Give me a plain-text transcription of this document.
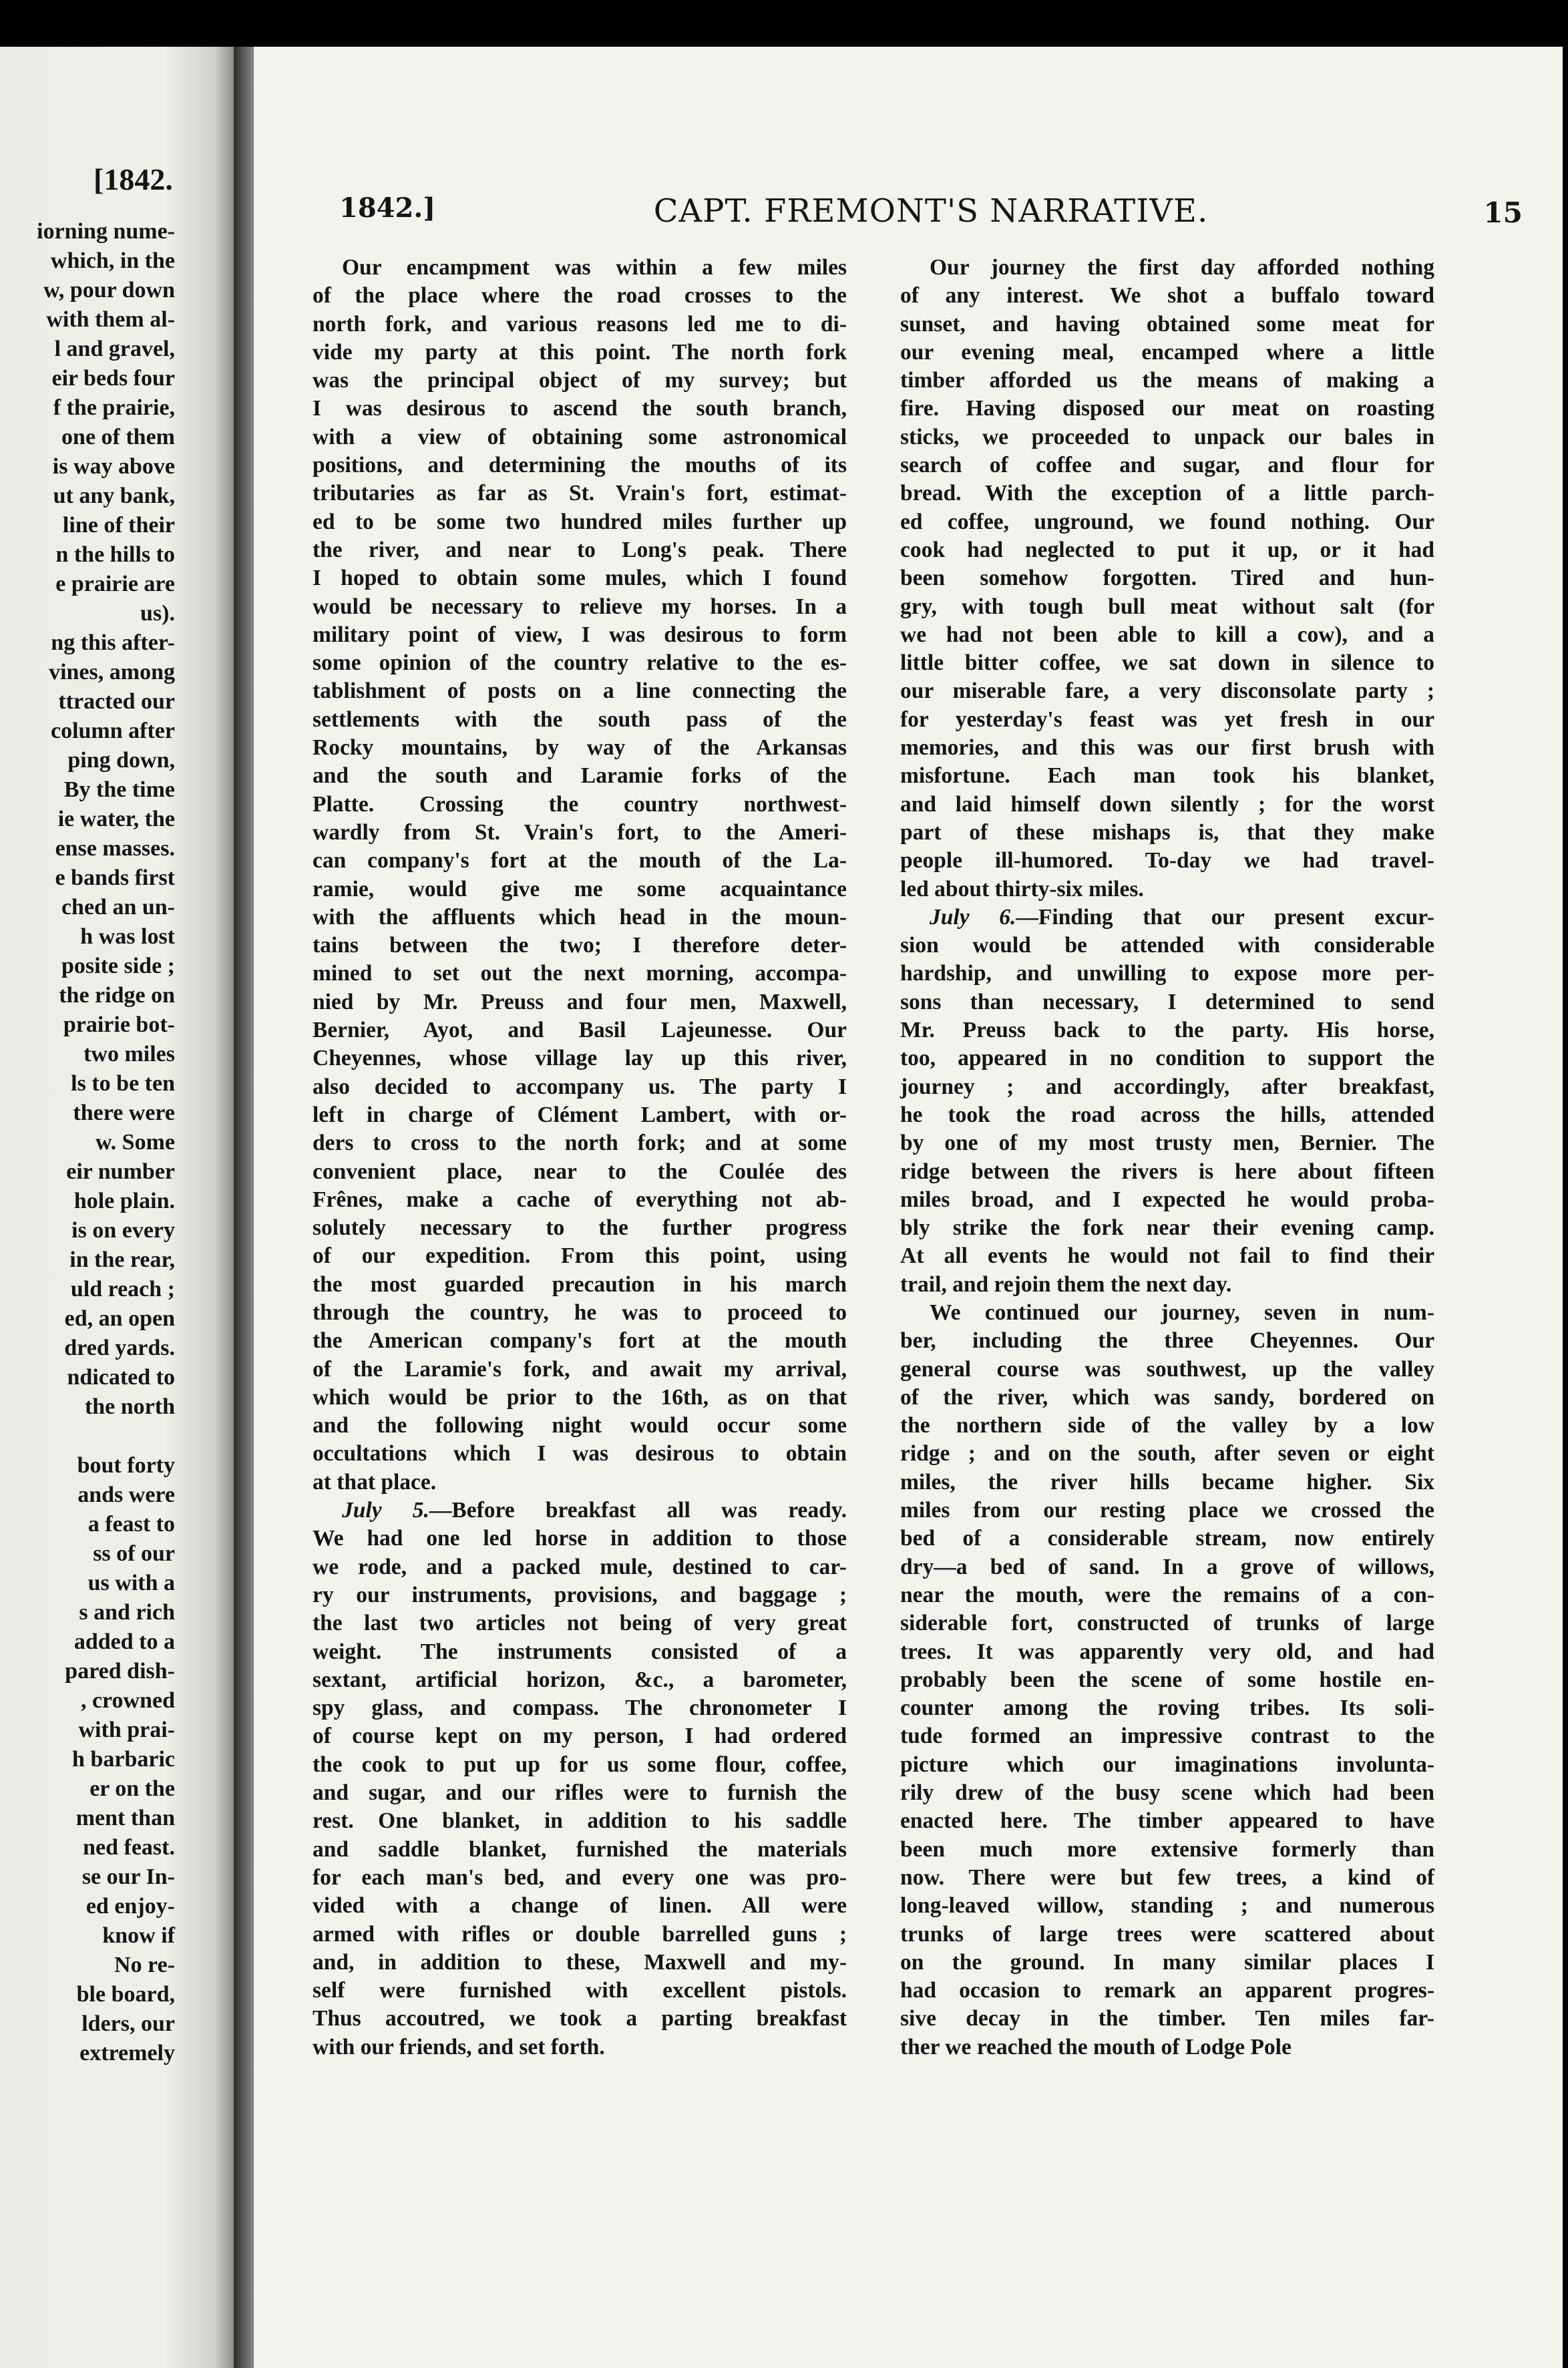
[1842.
iorning nume-
which, in the
w, pour down
with them al-
l and gravel,
eir beds four
f the prairie,
one of them
is way above
ut any bank,
line of their
n the hills to
e prairie are
us).
ng this after-
vines, among
ttracted our
column after
ping down,
By the time
ie water, the
ense masses.
e bands first
ched an un-
h was lost
posite side ;
the ridge on
prairie bot-
two miles
ls to be ten
there were
w. Some
eir number
hole plain.
is on every
in the rear,
uld reach ;
ed, an open
dred yards.
ndicated to
the north

bout forty
ands were
a feast to
ss of our
us with a
s and rich
added to a
pared dish-
, crowned
with prai-
h barbaric
er on the
ment than
ned feast.
se our In-
ed enjoy-
know if
No re-
ble board,
lders, our
extremely
1842.]	CAPT. FREMONT'S NARRATIVE.	15
Our encampment was within a few miles
of the place where the road crosses to the
north fork, and various reasons led me to di-
vide my party at this point. The north fork
was the principal object of my survey; but
I was desirous to ascend the south branch,
with a view of obtaining some astronomical
positions, and determining the mouths of its
tributaries as far as St. Vrain's fort, estimat-
ed to be some two hundred miles further up
the river, and near to Long's peak. There
I hoped to obtain some mules, which I found
would be necessary to relieve my horses. In a
military point of view, I was desirous to form
some opinion of the country relative to the es-
tablishment of posts on a line connecting the
settlements with the south pass of the
Rocky mountains, by way of the Arkansas
and the south and Laramie forks of the
Platte. Crossing the country northwest-
wardly from St. Vrain's fort, to the Ameri-
can company's fort at the mouth of the La-
ramie, would give me some acquaintance
with the affluents which head in the moun-
tains between the two; I therefore deter-
mined to set out the next morning, accompa-
nied by Mr. Preuss and four men, Maxwell,
Bernier, Ayot, and Basil Lajeunesse. Our
Cheyennes, whose village lay up this river,
also decided to accompany us. The party I
left in charge of Clément Lambert, with or-
ders to cross to the north fork; and at some
convenient place, near to the Coulée des
Frênes, make a cache of everything not ab-
solutely necessary to the further progress
of our expedition. From this point, using
the most guarded precaution in his march
through the country, he was to proceed to
the American company's fort at the mouth
of the Laramie's fork, and await my arrival,
which would be prior to the 16th, as on that
and the following night would occur some
occultations which I was desirous to obtain
at that place.
July 5.—Before breakfast all was ready.
We had one led horse in addition to those
we rode, and a packed mule, destined to car-
ry our instruments, provisions, and baggage ;
the last two articles not being of very great
weight. The instruments consisted of a
sextant, artificial horizon, &c., a barometer,
spy glass, and compass. The chronometer I
of course kept on my person, I had ordered
the cook to put up for us some flour, coffee,
and sugar, and our rifles were to furnish the
rest. One blanket, in addition to his saddle
and saddle blanket, furnished the materials
for each man's bed, and every one was pro-
vided with a change of linen. All were
armed with rifles or double barrelled guns ;
and, in addition to these, Maxwell and my-
self were furnished with excellent pistols.
Thus accoutred, we took a parting breakfast
with our friends, and set forth.
Our journey the first day afforded nothing
of any interest. We shot a buffalo toward
sunset, and having obtained some meat for
our evening meal, encamped where a little
timber afforded us the means of making a
fire. Having disposed our meat on roasting
sticks, we proceeded to unpack our bales in
search of coffee and sugar, and flour for
bread. With the exception of a little parch-
ed coffee, unground, we found nothing. Our
cook had neglected to put it up, or it had
been somehow forgotten. Tired and hun-
gry, with tough bull meat without salt (for
we had not been able to kill a cow), and a
little bitter coffee, we sat down in silence to
our miserable fare, a very disconsolate party ;
for yesterday's feast was yet fresh in our
memories, and this was our first brush with
misfortune. Each man took his blanket,
and laid himself down silently ; for the worst
part of these mishaps is, that they make
people ill-humored. To-day we had travel-
led about thirty-six miles.
July 6.—Finding that our present excur-
sion would be attended with considerable
hardship, and unwilling to expose more per-
sons than necessary, I determined to send
Mr. Preuss back to the party. His horse,
too, appeared in no condition to support the
journey ; and accordingly, after breakfast,
he took the road across the hills, attended
by one of my most trusty men, Bernier. The
ridge between the rivers is here about fifteen
miles broad, and I expected he would proba-
bly strike the fork near their evening camp.
At all events he would not fail to find their
trail, and rejoin them the next day.
We continued our journey, seven in num-
ber, including the three Cheyennes. Our
general course was southwest, up the valley
of the river, which was sandy, bordered on
the northern side of the valley by a low
ridge ; and on the south, after seven or eight
miles, the river hills became higher. Six
miles from our resting place we crossed the
bed of a considerable stream, now entirely
dry—a bed of sand. In a grove of willows,
near the mouth, were the remains of a con-
siderable fort, constructed of trunks of large
trees. It was apparently very old, and had
probably been the scene of some hostile en-
counter among the roving tribes. Its soli-
tude formed an impressive contrast to the
picture which our imaginations involunta-
rily drew of the busy scene which had been
enacted here. The timber appeared to have
been much more extensive formerly than
now. There were but few trees, a kind of
long-leaved willow, standing ; and numerous
trunks of large trees were scattered about
on the ground. In many similar places I
had occasion to remark an apparent progres-
sive decay in the timber. Ten miles far-
ther we reached the mouth of Lodge Pole
